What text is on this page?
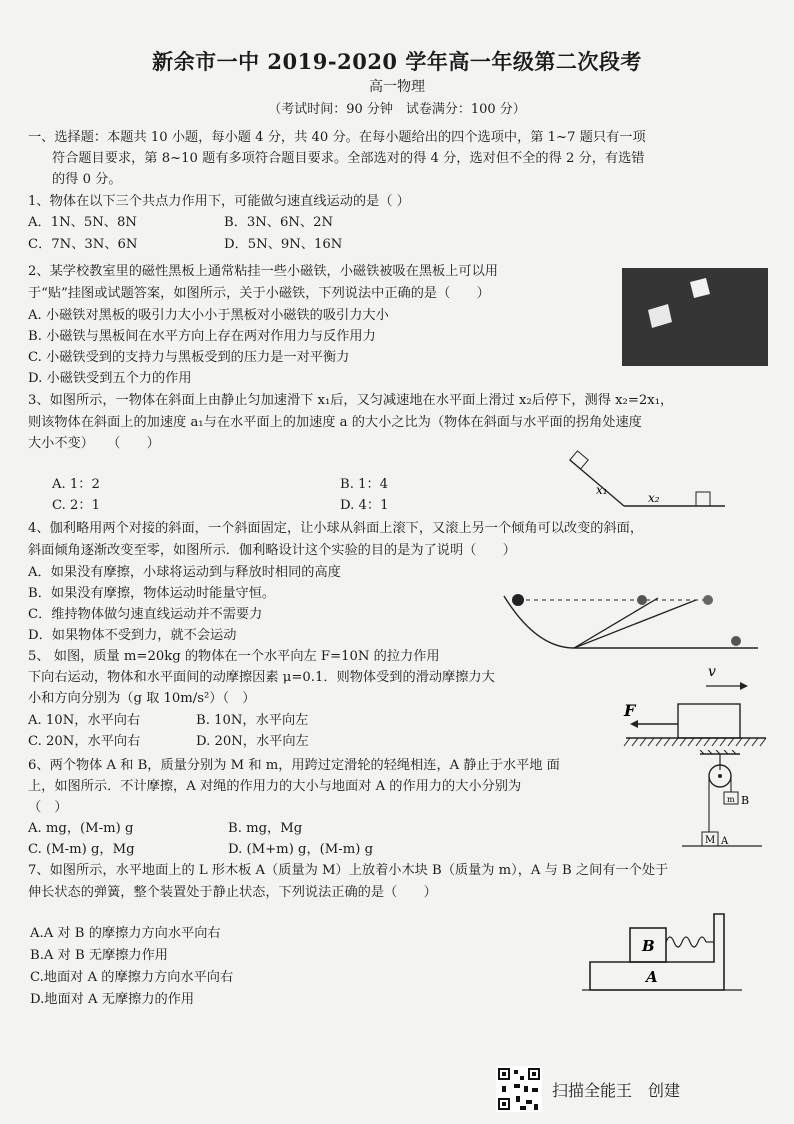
新余市一中 2019-2020 学年高一年级第二次段考
高一物理
（考试时间：90 分钟　试卷满分：100 分）
一、选择题：本题共 10 小题，每小题 4 分，共 40 分。在每小题给出的四个选项中，第 1~7 题只有一项
符合题目要求，第 8~10 题有多项符合题目要求。全部选对的得 4 分，选对但不全的得 2 分，有选错
的得 0 分。
1、物体在以下三个共点力作用下，可能做匀速直线运动的是（ ）
A．1N、5N、8N	B．3N、6N、2N
C．7N、3N、6N	D．5N、9N、16N
2、某学校教室里的磁性黑板上通常粘挂一些小磁铁，小磁铁被吸在黑板上可以用
于“贴”挂图或试题答案，如图所示，关于小磁铁，下列说法中正确的是（　　）
A. 小磁铁对黑板的吸引力大小小于黑板对小磁铁的吸引力大小
B. 小磁铁与黑板间在水平方向上存在两对作用力与反作用力
C. 小磁铁受到的支持力与黑板受到的压力是一对平衡力
D. 小磁铁受到五个力的作用
3、如图所示，一物体在斜面上由静止匀加速滑下 x₁后，又匀减速地在水平面上滑过 x₂后停下，测得 x₂=2x₁，
则该物体在斜面上的加速度 a₁与在水平面上的加速度 a 的大小之比为（物体在斜面与水平面的拐角处速度
大小不变）　　（　　）
A. 1：2	B. 1：4
C. 2：1	D. 4：1
x₁
x₂
4、伽利略用两个对接的斜面，一个斜面固定，让小球从斜面上滚下，又滚上另一个倾角可以改变的斜面，
斜面倾角逐渐改变至零，如图所示．伽利略设计这个实验的目的是为了说明（　　）
A．如果没有摩擦，小球将运动到与释放时相同的高度
B．如果没有摩擦，物体运动时能量守恒。
C．维持物体做匀速直线运动并不需要力
D．如果物体不受到力，就不会运动
5、 如图，质量 m=20kg 的物体在一个水平向左 F=10N 的拉力作用
下向右运动，物体和水平面间的动摩擦因素 μ=0.1．则物体受到的滑动摩擦力大
小和方向分别为（g 取 10m/s²）（　）
A. 10N，水平向右	B. 10N，水平向左
C. 20N，水平向右	D. 20N，水平向左
v
F
6、两个物体 A 和 B，质量分别为 M 和 m，用跨过定滑轮的轻绳相连，A 静止于水平地 面
上，如图所示．不计摩擦，A 对绳的作用力的大小与地面对 A 的作用力的大小分别为
（　）
A. mg，(M-m) g	B. mg，Mg
C. (M-m) g，Mg	D. (M+m) g，(M-m) g
m B
M A
7、如图所示，水平地面上的 L 形木板 A（质量为 M）上放着小木块 B（质量为 m），A 与 B 之间有一个处于
伸长状态的弹簧，整个装置处于静止状态，下列说法正确的是（　　）
A.A 对 B 的摩擦力方向水平向右
B.A 对 B 无摩擦力作用
C.地面对 A 的摩擦力方向水平向右
D.地面对 A 无摩擦力的作用
B
A
扫描全能王　创建
